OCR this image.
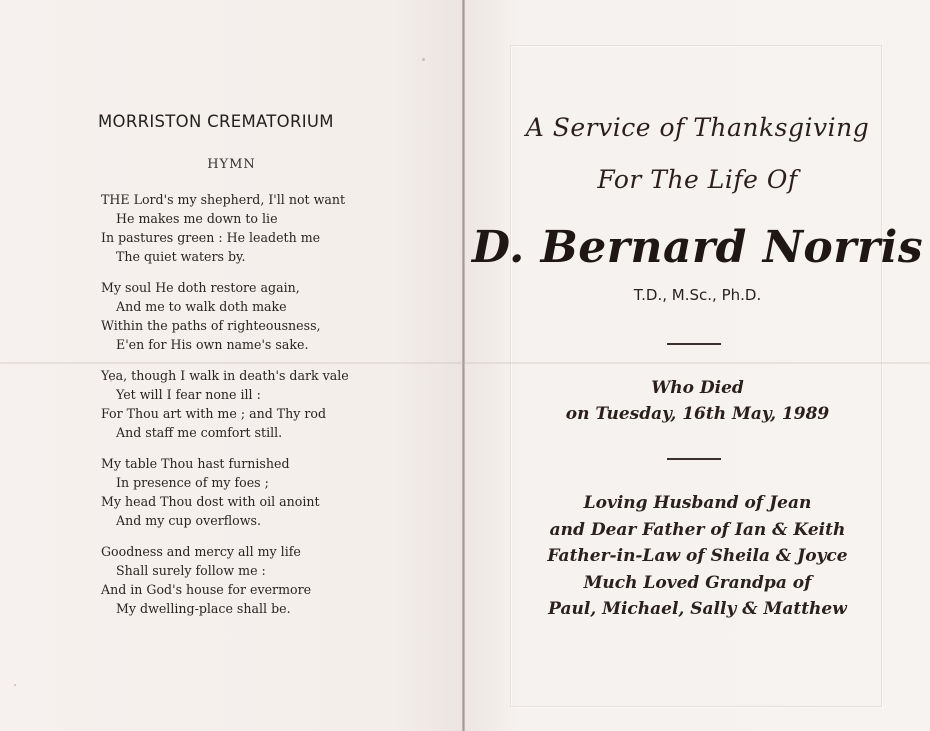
MORRISTON CREMATORIUM
HYMN
THE Lord's my shepherd, I'll not want
He makes me down to lie
In pastures green : He leadeth me
The quiet waters by.
My soul He doth restore again,
And me to walk doth make
Within the paths of righteousness,
E'en for His own name's sake.
Yea, though I walk in death's dark vale
Yet will I fear none ill :
For Thou art with me ; and Thy rod
And staff me comfort still.
My table Thou hast furnished
In presence of my foes ;
My head Thou dost with oil anoint
And my cup overflows.
Goodness and mercy all my life
Shall surely follow me :
And in God's house for evermore
My dwelling-place shall be.
A Service of Thanksgiving
For The Life Of
D. Bernard Norris
T.D., M.Sc., Ph.D.
Who Died
on Tuesday, 16th May, 1989
Loving Husband of Jean
and Dear Father of Ian & Keith
Father-in-Law of Sheila & Joyce
Much Loved Grandpa of
Paul, Michael, Sally & Matthew
